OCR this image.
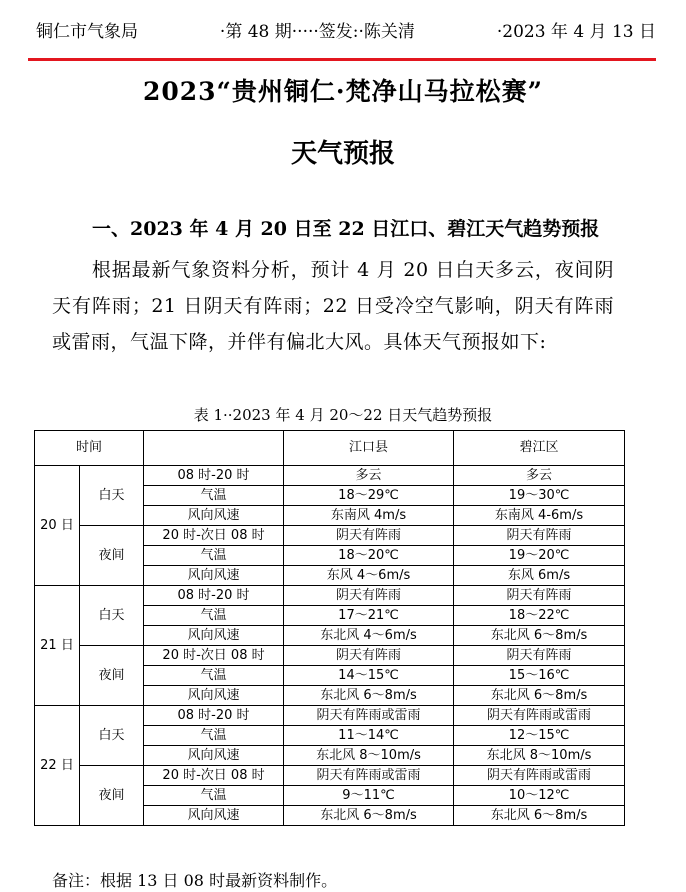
铜仁市气象局	·第 48 期·····签发:·陈关清	·2023 年 4 月 13 日
2023“贵州铜仁·梵净山马拉松赛”
天气预报
一、2023 年 4 月 20 日至 22 日江口、碧江天气趋势预报
根据最新气象资料分析，预计 4 月 20 日白天多云，夜间阴天有阵雨；21 日阴天有阵雨；22 日受冷空气影响，阴天有阵雨或雷雨，气温下降，并伴有偏北大风。具体天气预报如下:
表 1··2023 年 4 月 20～22 日天气趋势预报
时间			江口县	碧江区
20 日	白天	08 时-20 时	多云	多云
		气温	18～29℃	19～30℃
		风向风速	东南风 4m/s	东南风 4-6m/s
	夜间	20 时-次日 08 时	阴天有阵雨	阴天有阵雨
		气温	18～20℃	19～20℃
		风向风速	东风 4～6m/s	东风 6m/s
21 日	白天	08 时-20 时	阴天有阵雨	阴天有阵雨
		气温	17～21℃	18～22℃
		风向风速	东北风 4～6m/s	东北风 6～8m/s
	夜间	20 时-次日 08 时	阴天有阵雨	阴天有阵雨
		气温	14～15℃	15～16℃
		风向风速	东北风 6～8m/s	东北风 6～8m/s
22 日	白天	08 时-20 时	阴天有阵雨或雷雨	阴天有阵雨或雷雨
		气温	11～14℃	12～15℃
		风向风速	东北风 8～10m/s	东北风 8～10m/s
	夜间	20 时-次日 08 时	阴天有阵雨或雷雨	阴天有阵雨或雷雨
		气温	9～11℃	10～12℃
		风向风速	东北风 6～8m/s	东北风 6～8m/s
备注：根据 13 日 08 时最新资料制作。
